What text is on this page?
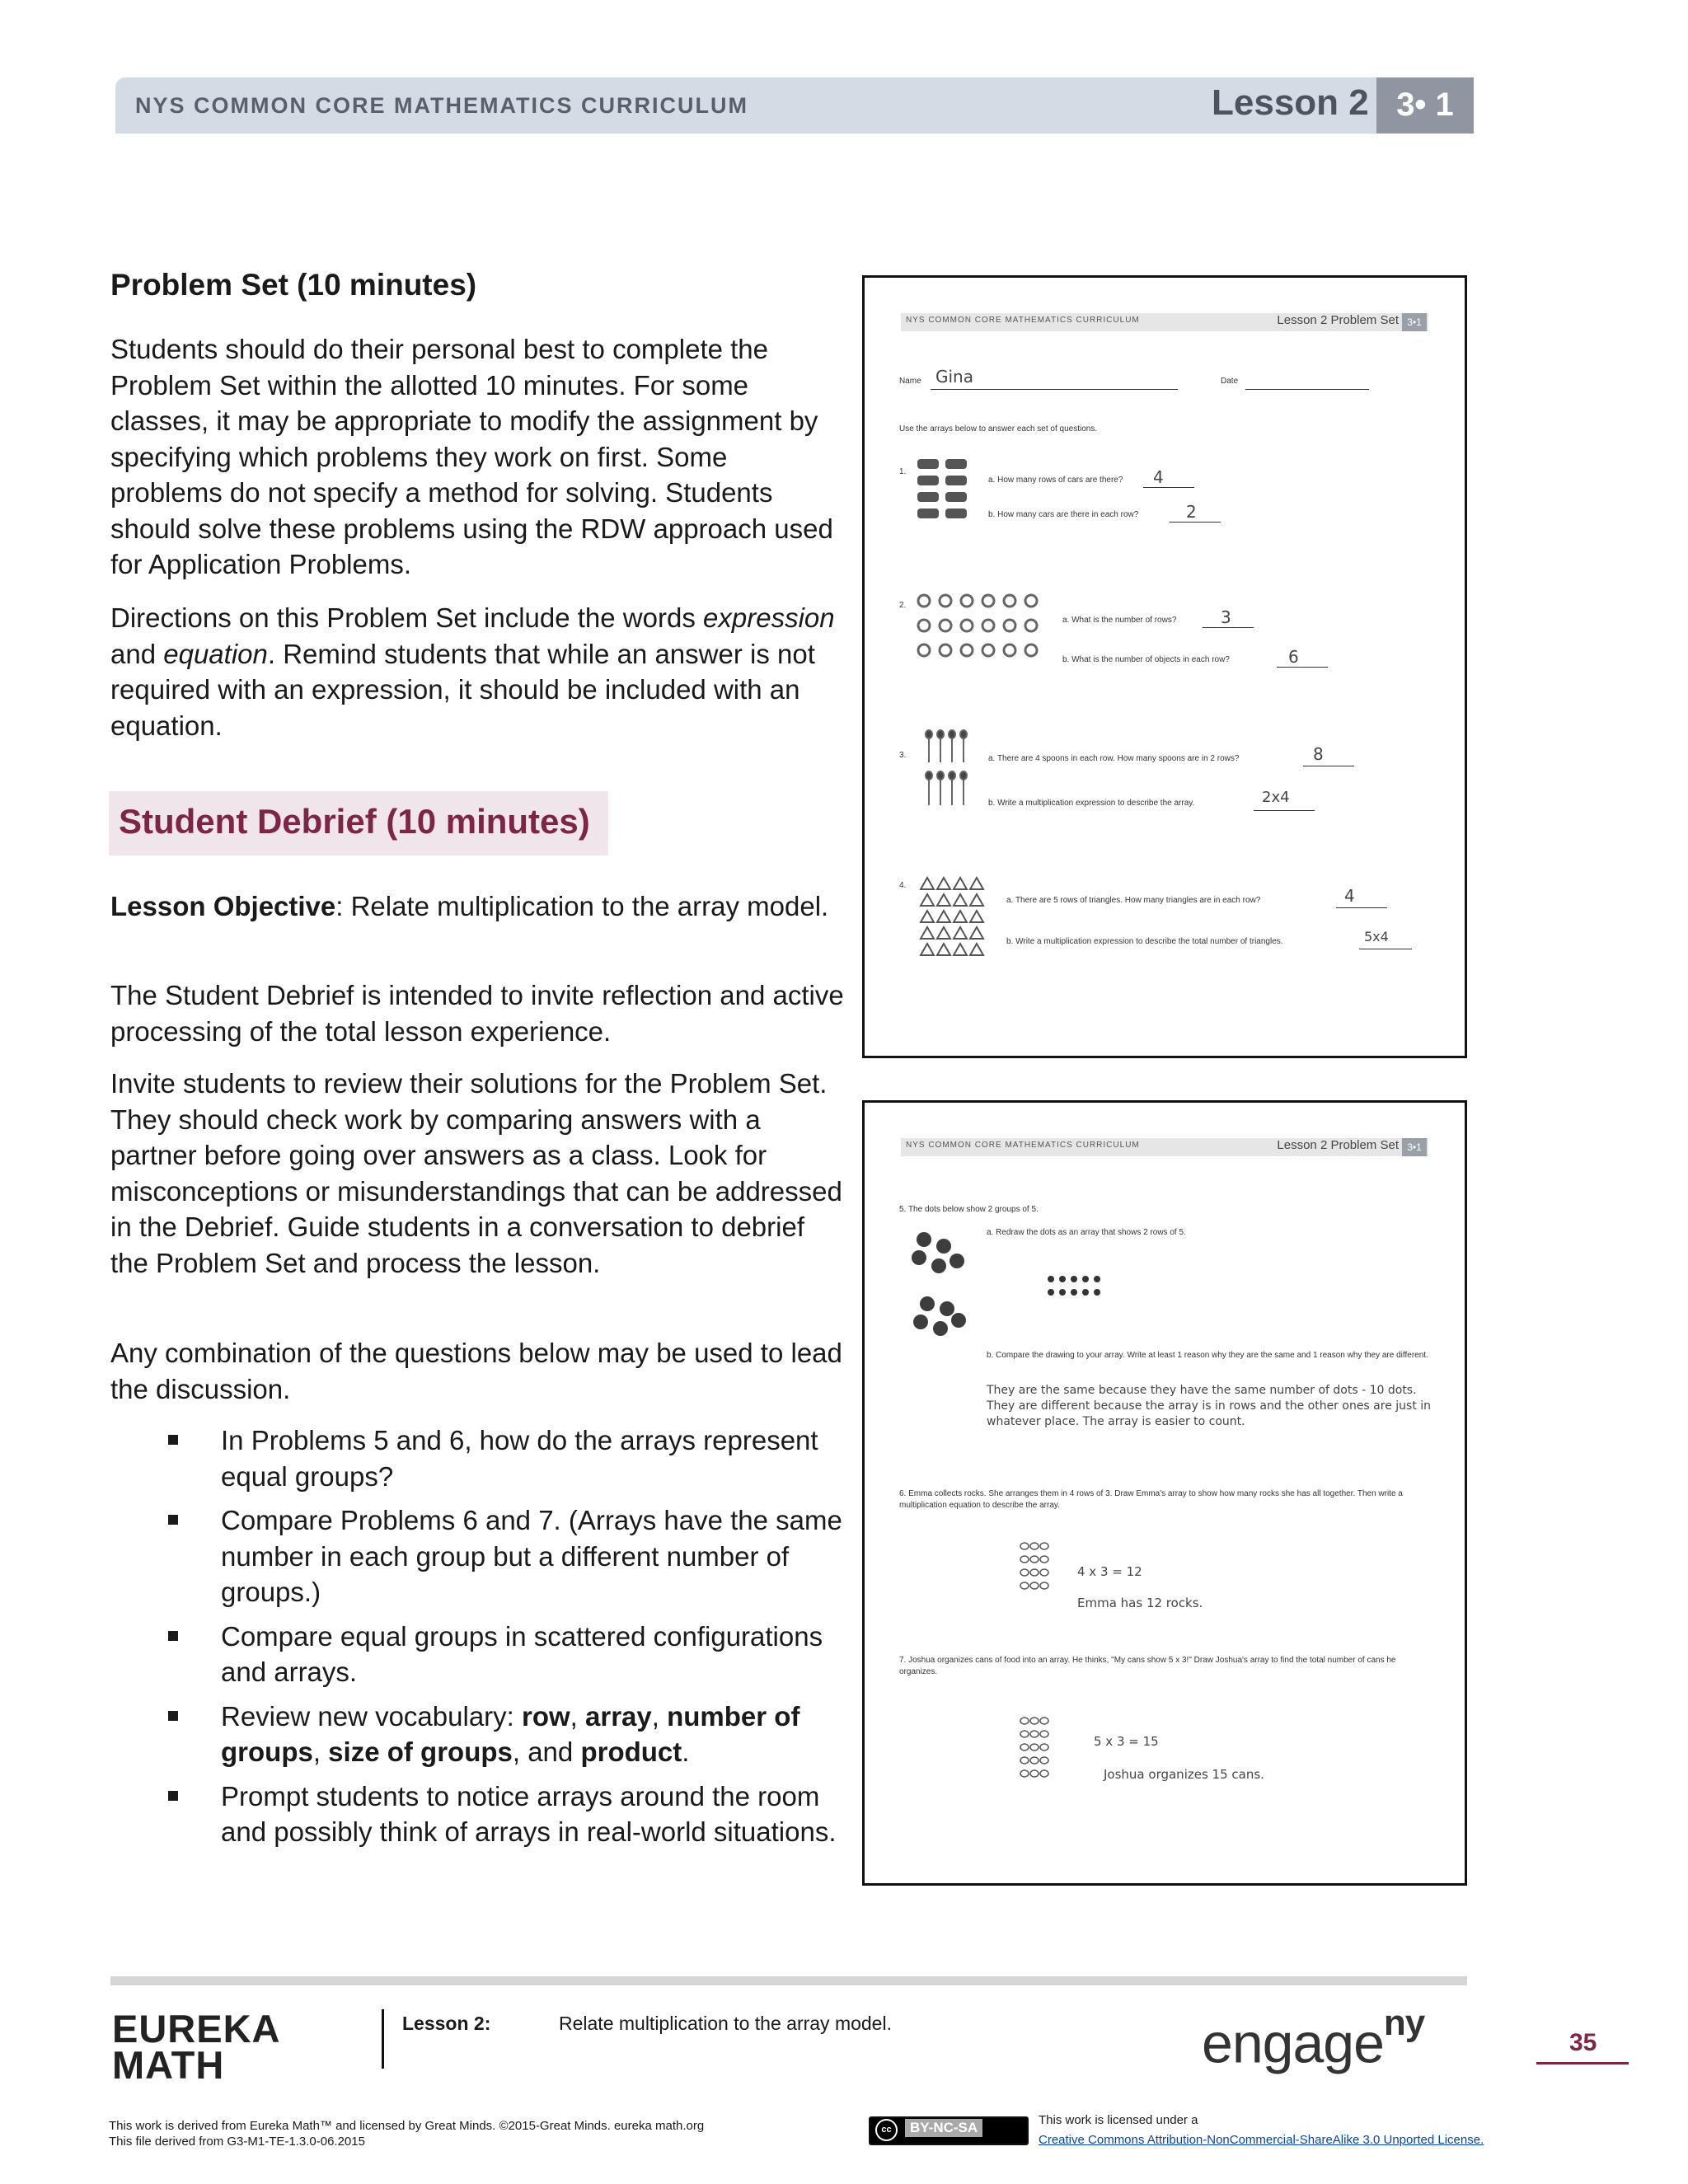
NYS COMMON CORE MATHEMATICS CURRICULUM	Lesson 2 3• 1
Problem Set (10 minutes)
Students should do their personal best to complete the Problem Set within the allotted 10 minutes. For some classes, it may be appropriate to modify the assignment by specifying which problems they work on first. Some problems do not specify a method for solving. Students should solve these problems using the RDW approach used for Application Problems.
Directions on this Problem Set include the words expression and equation. Remind students that while an answer is not required with an expression, it should be included with an equation.
Student Debrief (10 minutes)
Lesson Objective: Relate multiplication to the array model.
The Student Debrief is intended to invite reflection and active processing of the total lesson experience.
Invite students to review their solutions for the Problem Set. They should check work by comparing answers with a partner before going over answers as a class. Look for misconceptions or misunderstandings that can be addressed in the Debrief. Guide students in a conversation to debrief the Problem Set and process the lesson.
Any combination of the questions below may be used to lead the discussion.
In Problems 5 and 6, how do the arrays represent equal groups?
Compare Problems 6 and 7. (Arrays have the same number in each group but a different number of groups.)
Compare equal groups in scattered configurations and arrays.
Review new vocabulary: row, array, number of groups, size of groups, and product.
Prompt students to notice arrays around the room and possibly think of arrays in real-world situations.
NYS COMMON CORE MATHEMATICS CURRICULUM	Lesson 2 Problem Set 3•1
Name Gina	Date
Use the arrays below to answer each set of questions.
1.
a. How many rows of cars are there? 4
b. How many cars are there in each row?	2
2.
a. What is the number of rows?	3
b. What is the number of objects in each row?	6
3.	a. There are 4 spoons in each row. How many spoons are in 2 rows?	8
b. Write a multiplication expression to describe the array.	2x4
4.
a. There are 5 rows of triangles. How many triangles are in each row?	4
b. Write a multiplication expression to describe the total number of triangles.	5x4
NYS COMMON CORE MATHEMATICS CURRICULUM	Lesson 2 Problem Set 3•1
5. The dots below show 2 groups of 5.
a. Redraw the dots as an array that shows 2 rows of 5.
b. Compare the drawing to your array. Write at least 1 reason why they are the same and 1 reason why they are different.
They are the same because they have the same number of dots - 10 dots. They are different because the array is in rows and the other ones are just in whatever place. The array is easier to count.
6. Emma collects rocks. She arranges them in 4 rows of 3. Draw Emma's array to show how many rocks she has all together. Then write a multiplication equation to describe the array.
4 x 3 = 12
Emma has 12 rocks.
7. Joshua organizes cans of food into an array. He thinks, "My cans show 5 x 3!" Draw Joshua's array to find the total number of cans he organizes.
5 x 3 = 15
Joshua organizes 15 cans.
EUREKA
MATH
Lesson 2:	Relate multiplication to the array model.	engage$^{ny}$	35
This work is derived from Eureka Math™ and licensed by Great Minds. ©2015-Great Minds. eureka math.org
This file derived from G3-M1-TE-1.3.0-06.2015
cc	BY-NC-SA	This work is licensed under a
Creative Commons Attribution-NonCommercial-ShareAlike 3.0 Unported License.
